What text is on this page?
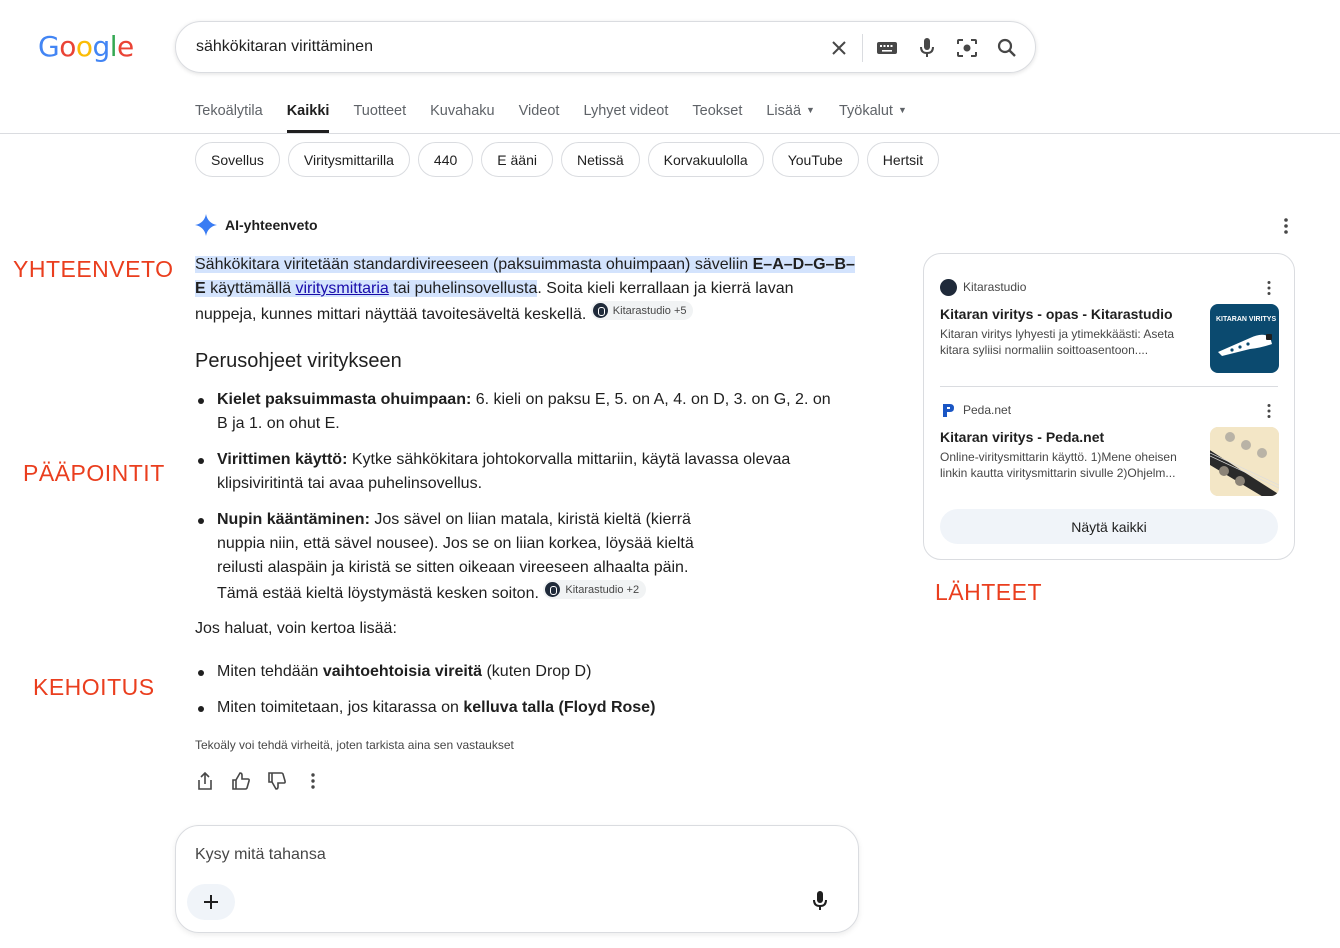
Google	sähkökitaran virittäminen
Tekoälytila Kaikki Tuotteet Kuvahaku Videot Lyhyet videot Teokset Lisää ▼ Työkalut ▼
Sovellus	Viritysmittarilla	440	E ääni	Netissä	Korvakuulolla	YouTube	Hertsit
AI-yhteenveto
YHTEENVETO
PÄÄPOINTIT
KEHOITUS
LÄHTEET
Sähkökitara viritetään standardivireeseen (paksuimmasta ohuimpaan) säveliin E–A–D–G–B–E käyttämällä viritysmittaria tai puhelinsovellusta. Soita kieli kerrallaan ja kierrä lavan nuppeja, kunnes mittari näyttää tavoitesäveltä keskellä. Kitarastudio +5
Perusohjeet viritykseen
Kielet paksuimmasta ohuimpaan: 6. kieli on paksu E, 5. on A, 4. on D, 3. on G, 2. on B ja 1. on ohut E.
Virittimen käyttö: Kytke sähkökitara johtokorvalla mittariin, käytä lavassa olevaa klipsiviritintä tai avaa puhelinsovellus.
Nupin kääntäminen: Jos sävel on liian matala, kiristä kieltä (kierrä nuppia niin, että sävel nousee). Jos se on liian korkea, löysää kieltä reilusti alaspäin ja kiristä se sitten oikeaan vireeseen alhaalta päin. Tämä estää kieltä löystymästä kesken soiton. Kitarastudio +2
Jos haluat, voin kertoa lisää:
Miten tehdään vaihtoehtoisia vireitä (kuten Drop D)
Miten toimitetaan, jos kitarassa on kelluva talla (Floyd Rose)
Tekoäly voi tehdä virheitä, joten tarkista aina sen vastaukset
Kysy mitä tahansa
Kitarastudio
Kitaran viritys - opas - Kitarastudio
Kitaran viritys lyhyesti ja ytimekkäästi: Aseta kitara syliisi normaliin soittoasentoon....
KITARAN VIRITYS
Peda.net
Kitaran viritys - Peda.net
Online-viritysmittarin käyttö. 1)Mene oheisen linkin kautta viritysmittarin sivulle 2)Ohjelm...
Näytä kaikki
